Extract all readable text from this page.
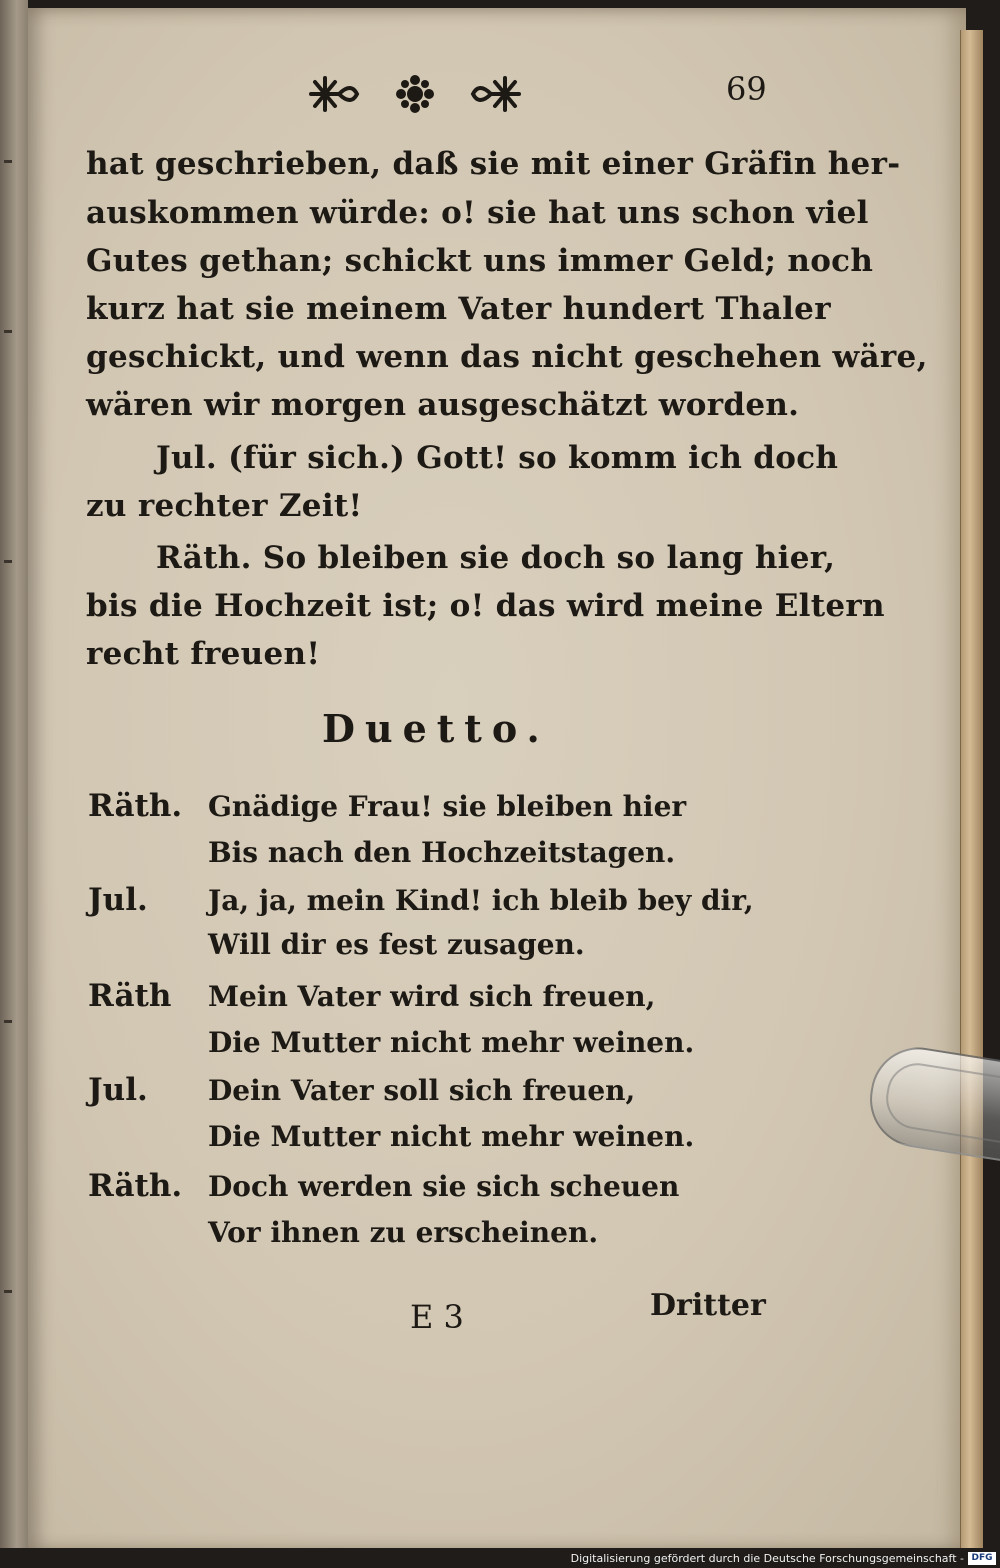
69
hat geschrieben, daß sie mit einer Gräfin her-
auskommen würde: o! sie hat uns schon viel
Gutes gethan; schickt uns immer Geld; noch
kurz hat sie meinem Vater hundert Thaler
geschickt, und wenn das nicht geschehen wäre,
wären wir morgen ausgeschätzt worden.
Jul. (für sich.) Gott! so komm ich doch
zu rechter Zeit!
Räth. So bleiben sie doch so lang hier,
bis die Hochzeit ist; o! das wird meine Eltern
recht freuen!
Duetto.
Räth. Gnädige Frau! sie bleiben hier
Bis nach den Hochzeitstagen.
Jul. Ja, ja, mein Kind! ich bleib bey dir,
Will dir es fest zusagen.
Räth Mein Vater wird sich freuen,
Die Mutter nicht mehr weinen.
Jul. Dein Vater soll sich freuen,
Die Mutter nicht mehr weinen.
Räth. Doch werden sie sich scheuen
Vor ihnen zu erscheinen.
E 3	Dritter
Digitalisierung gefördert durch die Deutsche Forschungsgemeinschaft - DFG
